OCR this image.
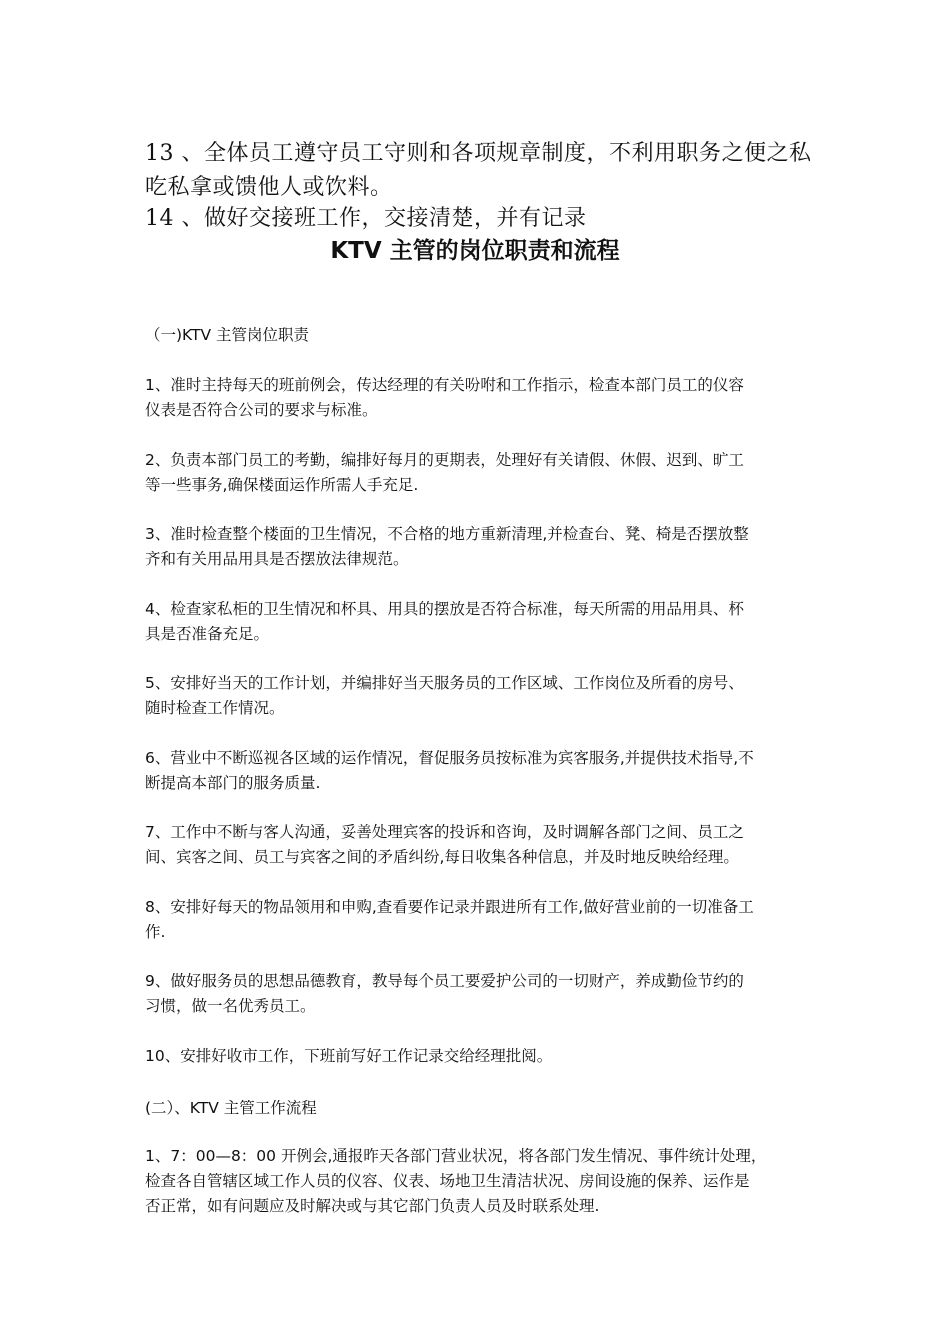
13 、全体员工遵守员工守则和各项规章制度，不利用职务之便之私
吃私拿或馈他人或饮料。
14 、做好交接班工作，交接清楚，并有记录
KTV 主管的岗位职责和流程
（一)KTV 主管岗位职责
1、准时主持每天的班前例会，传达经理的有关吩咐和工作指示，检查本部门员工的仪容
仪表是否符合公司的要求与标准。
2、负责本部门员工的考勤，编排好每月的更期表，处理好有关请假、休假、迟到、旷工
等一些事务,确保楼面运作所需人手充足.
3、准时检查整个楼面的卫生情况，不合格的地方重新清理,并检查台、凳、椅是否摆放整
齐和有关用品用具是否摆放法律规范。
4、检查家私柜的卫生情况和杯具、用具的摆放是否符合标准，每天所需的用品用具、杯
具是否准备充足。
5、安排好当天的工作计划，并编排好当天服务员的工作区域、工作岗位及所看的房号、
随时检查工作情况。
6、营业中不断巡视各区域的运作情况，督促服务员按标准为宾客服务,并提供技术指导,不
断提高本部门的服务质量.
7、工作中不断与客人沟通，妥善处理宾客的投诉和咨询，及时调解各部门之间、员工之
间、宾客之间、员工与宾客之间的矛盾纠纷,每日收集各种信息，并及时地反映给经理。
8、安排好每天的物品领用和申购,查看要作记录并跟进所有工作,做好营业前的一切准备工
作.
9、做好服务员的思想品德教育，教导每个员工要爱护公司的一切财产，养成勤俭节约的
习惯，做一名优秀员工。
10、安排好收市工作，下班前写好工作记录交给经理批阅。
(二）、KTV 主管工作流程
1、7：00—8：00 开例会,通报昨天各部门营业状况，将各部门发生情况、事件统计处理，
检查各自管辖区域工作人员的仪容、仪表、场地卫生清洁状况、房间设施的保养、运作是
否正常，如有问题应及时解决或与其它部门负责人员及时联系处理.
